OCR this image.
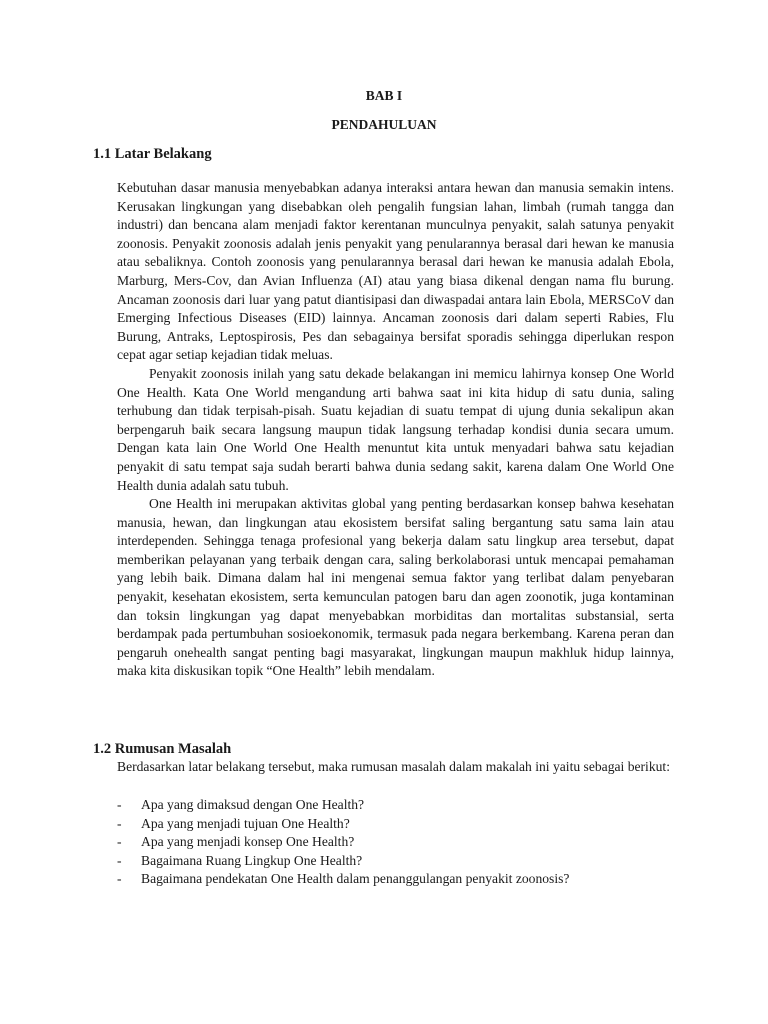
BAB I
PENDAHULUAN
1.1 Latar Belakang

Kebutuhan dasar manusia menyebabkan adanya interaksi antara hewan dan manusia semakin intens. Kerusakan lingkungan yang disebabkan oleh pengalih fungsian lahan, limbah (rumah tangga dan industri) dan bencana alam menjadi faktor kerentanan munculnya penyakit, salah satunya penyakit zoonosis. Penyakit zoonosis adalah jenis penyakit yang penularannya berasal dari hewan ke manusia atau sebaliknya. Contoh zoonosis yang penularannya berasal dari hewan ke manusia adalah Ebola, Marburg, Mers-Cov, dan Avian Influenza (AI) atau yang biasa dikenal dengan nama flu burung. Ancaman zoonosis dari luar yang patut diantisipasi dan diwaspadai antara lain Ebola, MERSCoV dan Emerging Infectious Diseases (EID) lainnya. Ancaman zoonosis dari dalam seperti Rabies, Flu Burung, Antraks, Leptospirosis, Pes dan sebagainya bersifat sporadis sehingga diperlukan respon cepat agar setiap kejadian tidak meluas.

Penyakit zoonosis inilah yang satu dekade belakangan ini memicu lahirnya konsep One World One Health. Kata One World mengandung arti bahwa saat ini kita hidup di satu dunia, saling terhubung dan tidak terpisah-pisah. Suatu kejadian di suatu tempat di ujung dunia sekalipun akan berpengaruh baik secara langsung maupun tidak langsung terhadap kondisi dunia secara umum. Dengan kata lain One World One Health menuntut kita untuk menyadari bahwa satu kejadian penyakit di satu tempat saja sudah berarti bahwa dunia sedang sakit, karena dalam One World One Health dunia adalah satu tubuh.

One Health ini merupakan aktivitas global yang penting berdasarkan konsep bahwa kesehatan manusia, hewan, dan lingkungan atau ekosistem bersifat saling bergantung satu sama lain atau interdependen. Sehingga tenaga profesional yang bekerja dalam satu lingkup area tersebut, dapat memberikan pelayanan yang terbaik dengan cara, saling berkolaborasi untuk mencapai pemahaman yang lebih baik. Dimana dalam hal ini mengenai semua faktor yang terlibat dalam penyebaran penyakit, kesehatan ekosistem, serta kemunculan patogen baru dan agen zoonotik, juga kontaminan dan toksin lingkungan yag dapat menyebabkan morbiditas dan mortalitas substansial, serta berdampak pada pertumbuhan sosioekonomik, termasuk pada negara berkembang. Karena peran dan pengaruh onehealth sangat penting bagi masyarakat, lingkungan maupun makhluk hidup lainnya, maka kita diskusikan topik “One Health” lebih mendalam.

1.2 Rumusan Masalah
Berdasarkan latar belakang tersebut, maka rumusan masalah dalam makalah ini yaitu sebagai berikut:
- Apa yang dimaksud dengan One Health?
- Apa yang menjadi tujuan One Health?
- Apa yang menjadi konsep One Health?
- Bagaimana Ruang Lingkup One Health?
- Bagaimana pendekatan One Health dalam penanggulangan penyakit zoonosis?
